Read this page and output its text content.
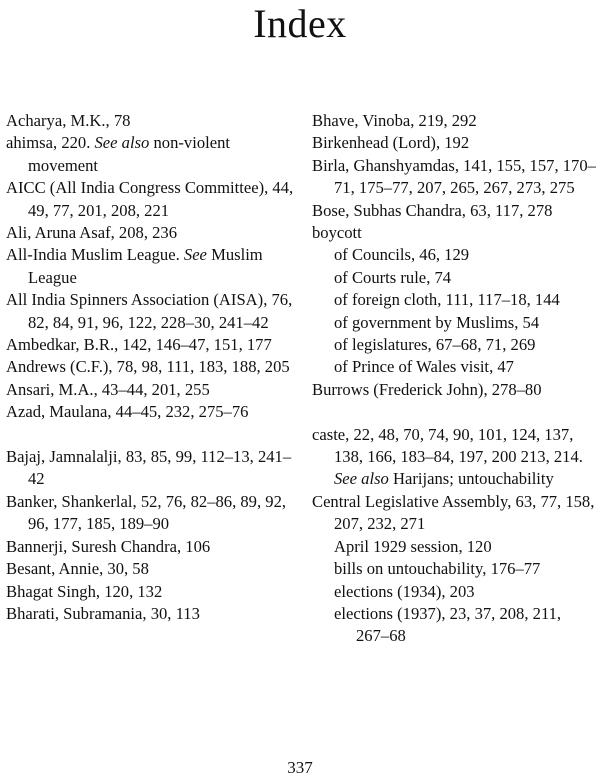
Index
Acharya, M.K., 78
ahimsa, 220. See also non-violent movement
AICC (All India Congress Committee), 44, 49, 77, 201, 208, 221
Ali, Aruna Asaf, 208, 236
All-India Muslim League. See Muslim League
All India Spinners Association (AISA), 76, 82, 84, 91, 96, 122, 228–30, 241–42
Ambedkar, B.R., 142, 146–47, 151, 177
Andrews (C.F.), 78, 98, 111, 183, 188, 205
Ansari, M.A., 43–44, 201, 255
Azad, Maulana, 44–45, 232, 275–76
Bajaj, Jamnalalji, 83, 85, 99, 112–13, 241–42
Banker, Shankerlal, 52, 76, 82–86, 89, 92, 96, 177, 185, 189–90
Bannerji, Suresh Chandra, 106
Besant, Annie, 30, 58
Bhagat Singh, 120, 132
Bharati, Subramania, 30, 113
Bhave, Vinoba, 219, 292
Birkenhead (Lord), 192
Birla, Ghanshyamdas, 141, 155, 157, 170–71, 175–77, 207, 265, 267, 273, 275
Bose, Subhas Chandra, 63, 117, 278
boycott
of Councils, 46, 129
of Courts rule, 74
of foreign cloth, 111, 117–18, 144
of government by Muslims, 54
of legislatures, 67–68, 71, 269
of Prince of Wales visit, 47
Burrows (Frederick John), 278–80
caste, 22, 48, 70, 74, 90, 101, 124, 137, 138, 166, 183–84, 197, 200 213, 214. See also Harijans; untouchability
Central Legislative Assembly, 63, 77, 158, 207, 232, 271
April 1929 session, 120
bills on untouchability, 176–77
elections (1934), 203
elections (1937), 23, 37, 208, 211, 267–68
337
